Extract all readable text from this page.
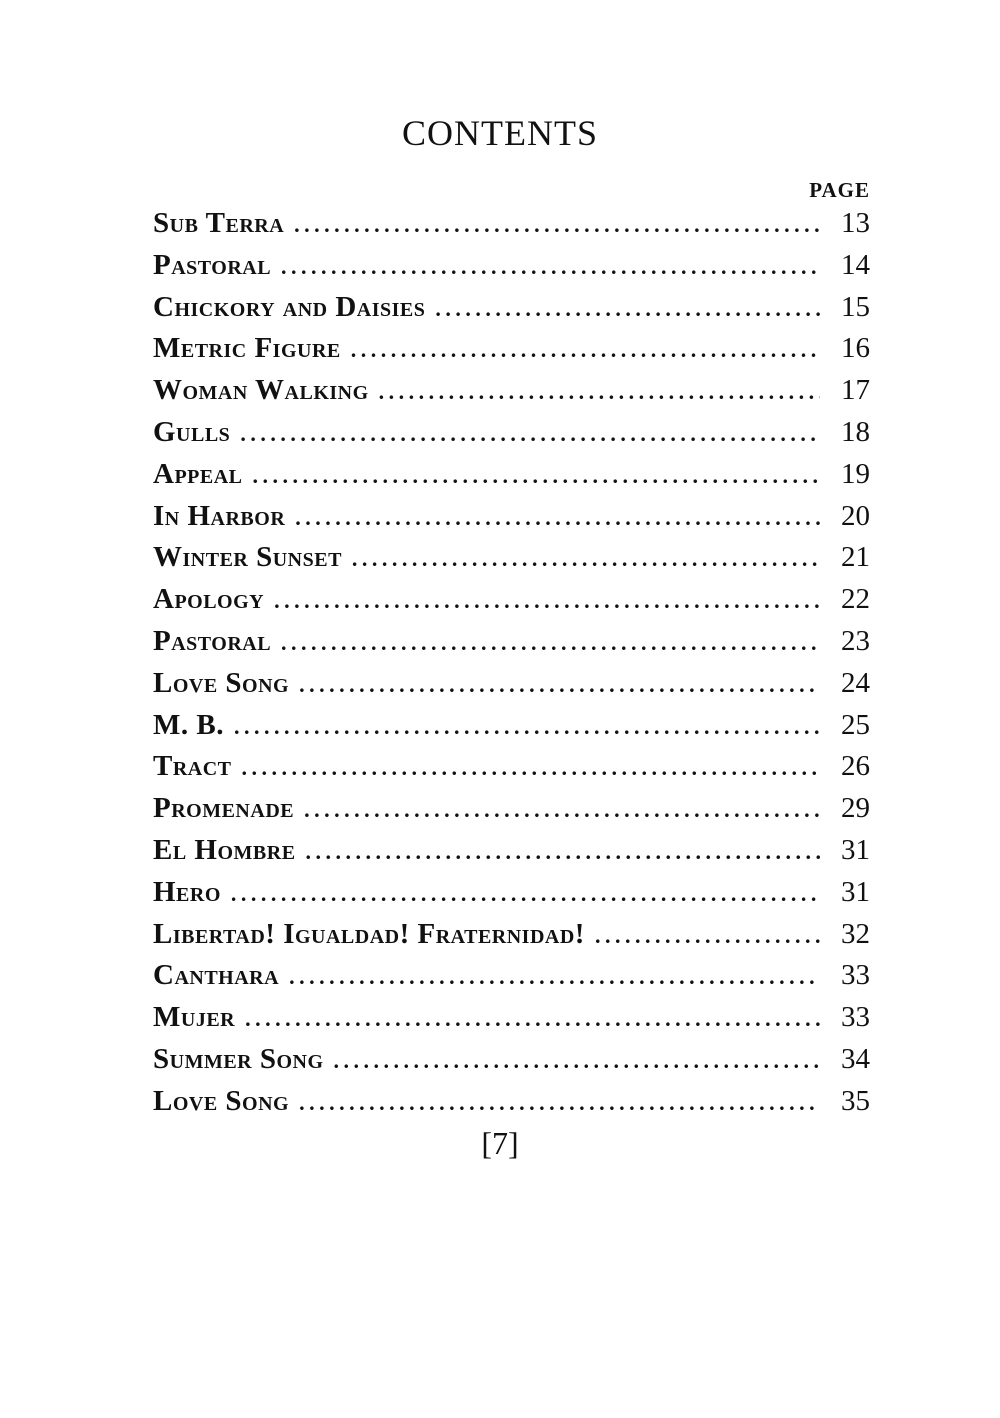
CONTENTS
PAGE
Sub Terra . . .	13
Pastoral . . .	14
Chickory and Daisies . . .	15
Metric Figure . . .	16
Woman Walking . . .	17
Gulls . . .	18
Appeal . . .	19
In Harbor . . .	20
Winter Sunset . . .	21
Apology . . .	22
Pastoral . . .	23
Love Song . . .	24
M. B. . . .	25
Tract . . .	26
Promenade . . .	29
El Hombre . . .	31
Hero . . .	31
Libertad! Igualdad! Fraternidad! . . .	32
Canthara . . .	33
Mujer . . .	33
Summer Song . . .	34
Love Song . . .	35
[7]
